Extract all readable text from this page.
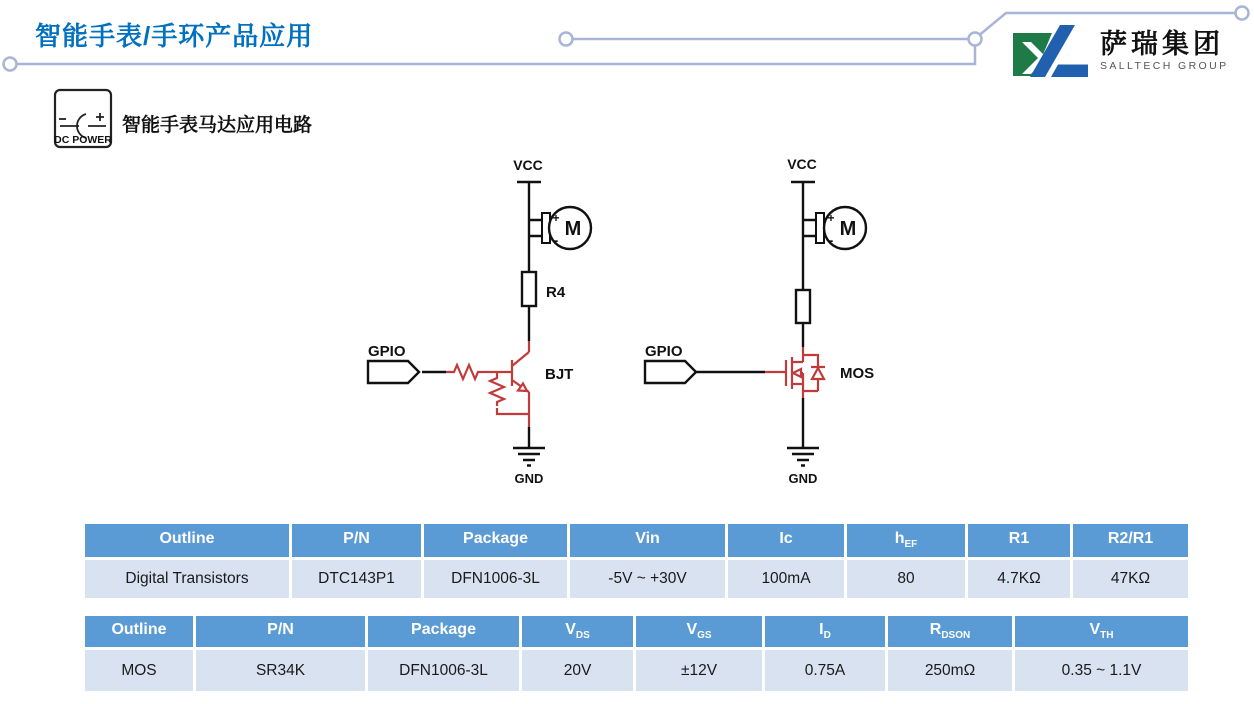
DC POWER
VCC	VCC
GPIO	GPIO
R4
BJT	MOS
GND	GND
M	M
+
-
+
-
智能手表/手环产品应用	萨瑞集团
SALLTECH GROUP
智能手表马达应用电路
Outline	P/N	Package	Vin	Ic	$h_{EF}$	R1	R2/R1
Digital Transistors	DTC143P1	DFN1006-3L	-5V ~ +30V	100mA	80	4.7KΩ	47KΩ
Outline	P/N	Package	$V_{DS}$	$V_{GS}$	$I_D$	$R_{DSON}$	$V_{TH}$
MOS	SR34K	DFN1006-3L	20V	±12V	0.75A	250mΩ	0.35 ~ 1.1V
